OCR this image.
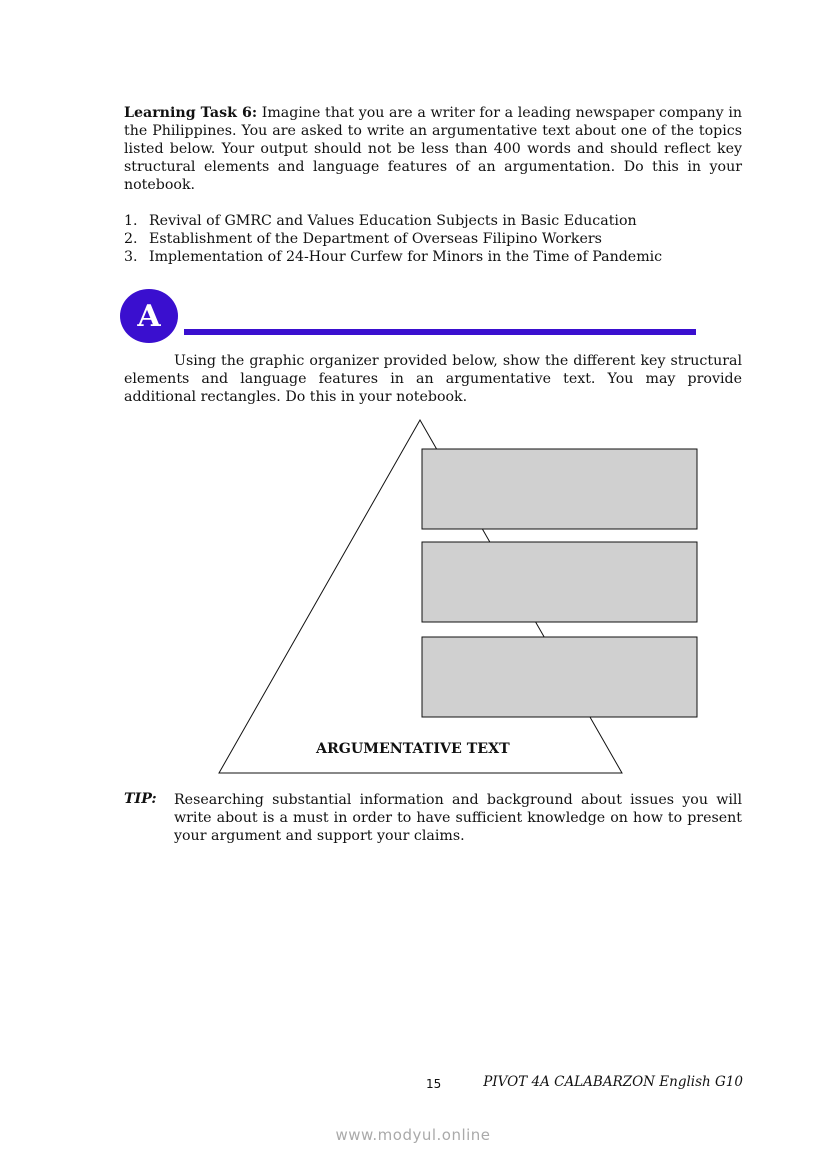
Learning Task 6: Imagine that you are a writer for a leading newspaper company in the Philippines. You are asked to write an argumentative text about one of the topics listed below. Your output should not be less than 400 words and should reflect key structural elements and language features of an argumentation. Do this in your notebook.
1. Revival of GMRC and Values Education Subjects in Basic Education
2. Establishment of the Department of Overseas Filipino Workers
3. Implementation of 24-Hour Curfew for Minors in the Time of Pandemic
A
Using the graphic organizer provided below, show the different key structural elements and language features in an argumentative text. You may provide additional rectangles. Do this in your notebook.
ARGUMENTATIVE TEXT
TIP: Researching substantial information and background about issues you will write about is a must in order to have sufficient knowledge on how to present your argument and support your claims.
15	PIVOT 4A CALABARZON English G10
www.modyul.online
